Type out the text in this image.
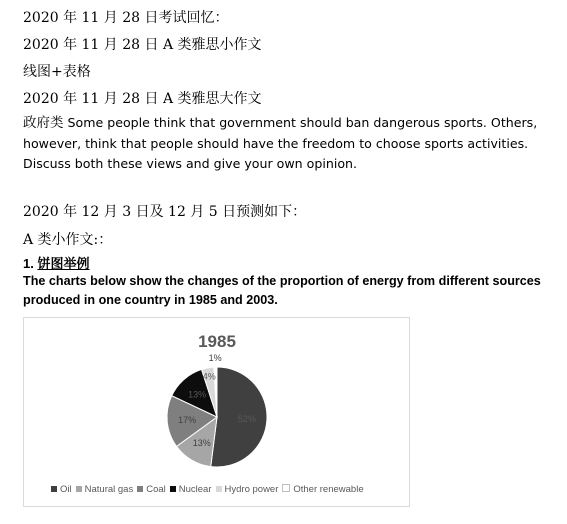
2020 年 11 月 28 日考试回忆：
2020 年 11 月 28 日 A 类雅思小作文
线图+表格
2020 年 11 月 28 日 A 类雅思大作文
政府类 Some people think that government should ban dangerous sports. Others, however, think that people should have the freedom to choose sports activities. Discuss both these views and give your own opinion.
2020 年 12 月 3 日及 12 月 5 日预测如下：
A 类小作文:：
1. 饼图举例
The charts below show the changes of the proportion of energy from different sources produced in one country in 1985 and 2003.
1985
52%
13%
17%
13%
4%
1%
Oil Natural gas Coal Nuclear Hydro power Other renewable
